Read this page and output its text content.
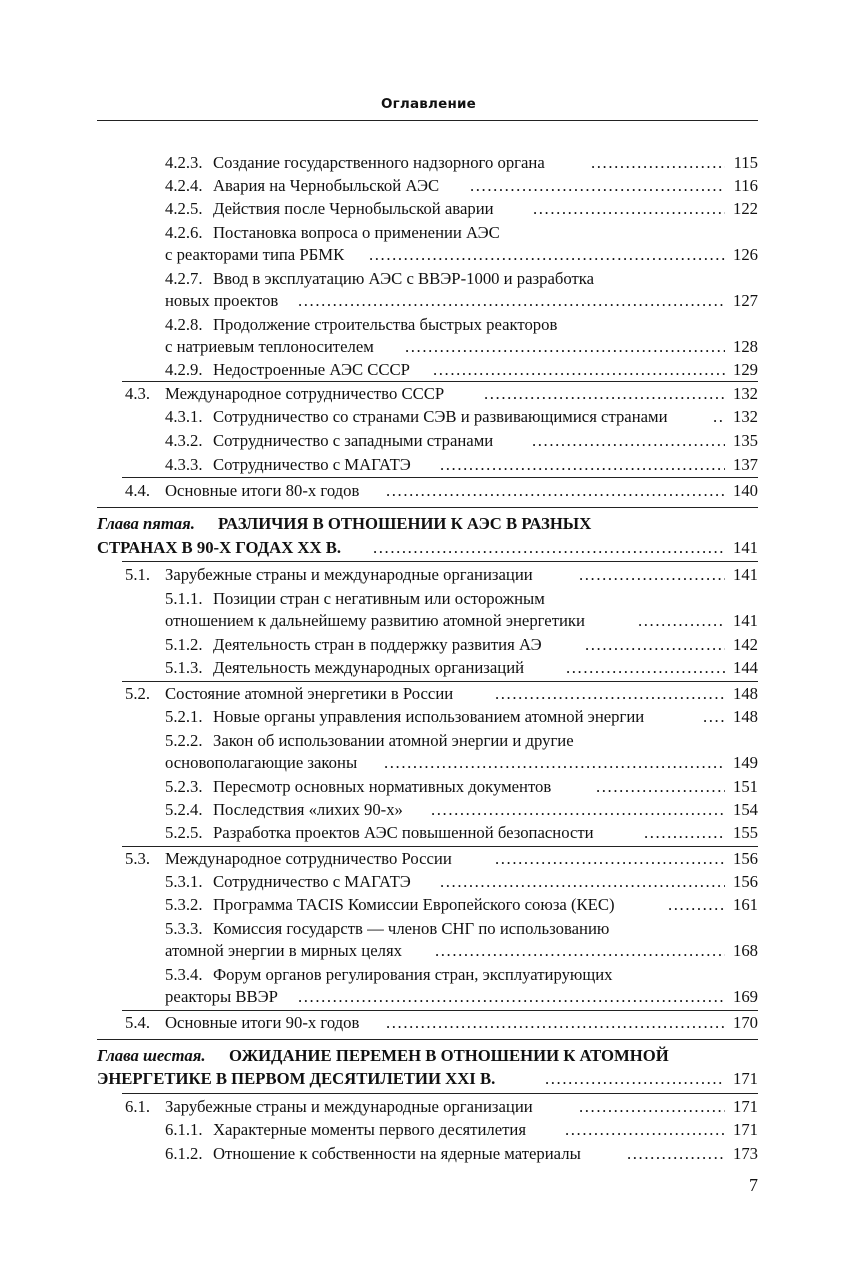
Оглавление
4.2.3. Создание государственного надзорного органа .....	115
4.2.4. Авария на Чернобыльской АЭС .....	116
4.2.5. Действия после Чернобыльской аварии .....	122
4.2.6. Постановка вопроса о применении АЭС
с реакторами типа РБМК .....	126
4.2.7. Ввод в эксплуатацию АЭС с ВВЭР-1000 и разработка
новых проектов .....	127
4.2.8. Продолжение строительства быстрых реакторов
с натриевым теплоносителем .....	128
4.2.9. Недостроенные АЭС СССР .....	129
4.3. Международное сотрудничество СССР .....	132
4.3.1. Сотрудничество со странами СЭВ и развивающимися странами .....	132
4.3.2. Сотрудничество с западными странами .....	135
4.3.3. Сотрудничество с МАГАТЭ .....	137
4.4. Основные итоги 80-х годов .....	140
Глава пятая. РАЗЛИЧИЯ В ОТНОШЕНИИ К АЭС В РАЗНЫХ
СТРАНАХ В 90-Х ГОДАХ XX В. .....	141
5.1. Зарубежные страны и международные организации .....	141
5.1.1. Позиции стран с негативным или осторожным
отношением к дальнейшему развитию атомной энергетики .....	141
5.1.2. Деятельность стран в поддержку развития АЭ .....	142
5.1.3. Деятельность международных организаций .....	144
5.2. Состояние атомной энергетики в России .....	148
5.2.1. Новые органы управления использованием атомной энергии .....	148
5.2.2. Закон об использовании атомной энергии и другие
основополагающие законы .....	149
5.2.3. Пересмотр основных нормативных документов .....	151
5.2.4. Последствия «лихих 90-х» .....	154
5.2.5. Разработка проектов АЭС повышенной безопасности .....	155
5.3. Международное сотрудничество России .....	156
5.3.1. Сотрудничество с МАГАТЭ .....	156
5.3.2. Программа TACIS Комиссии Европейского союза (КЕС) .....	161
5.3.3. Комиссия государств — членов СНГ по использованию
атомной энергии в мирных целях .....	168
5.3.4. Форум органов регулирования стран, эксплуатирующих
реакторы ВВЭР .....	169
5.4. Основные итоги 90-х годов .....	170
Глава шестая. ОЖИДАНИЕ ПЕРЕМЕН В ОТНОШЕНИИ К АТОМНОЙ
ЭНЕРГЕТИКЕ В ПЕРВОМ ДЕСЯТИЛЕТИИ XXI В. .....	171
6.1. Зарубежные страны и международные организации .....	171
6.1.1. Характерные моменты первого десятилетия .....	171
6.1.2. Отношение к собственности на ядерные материалы .....	173
7
